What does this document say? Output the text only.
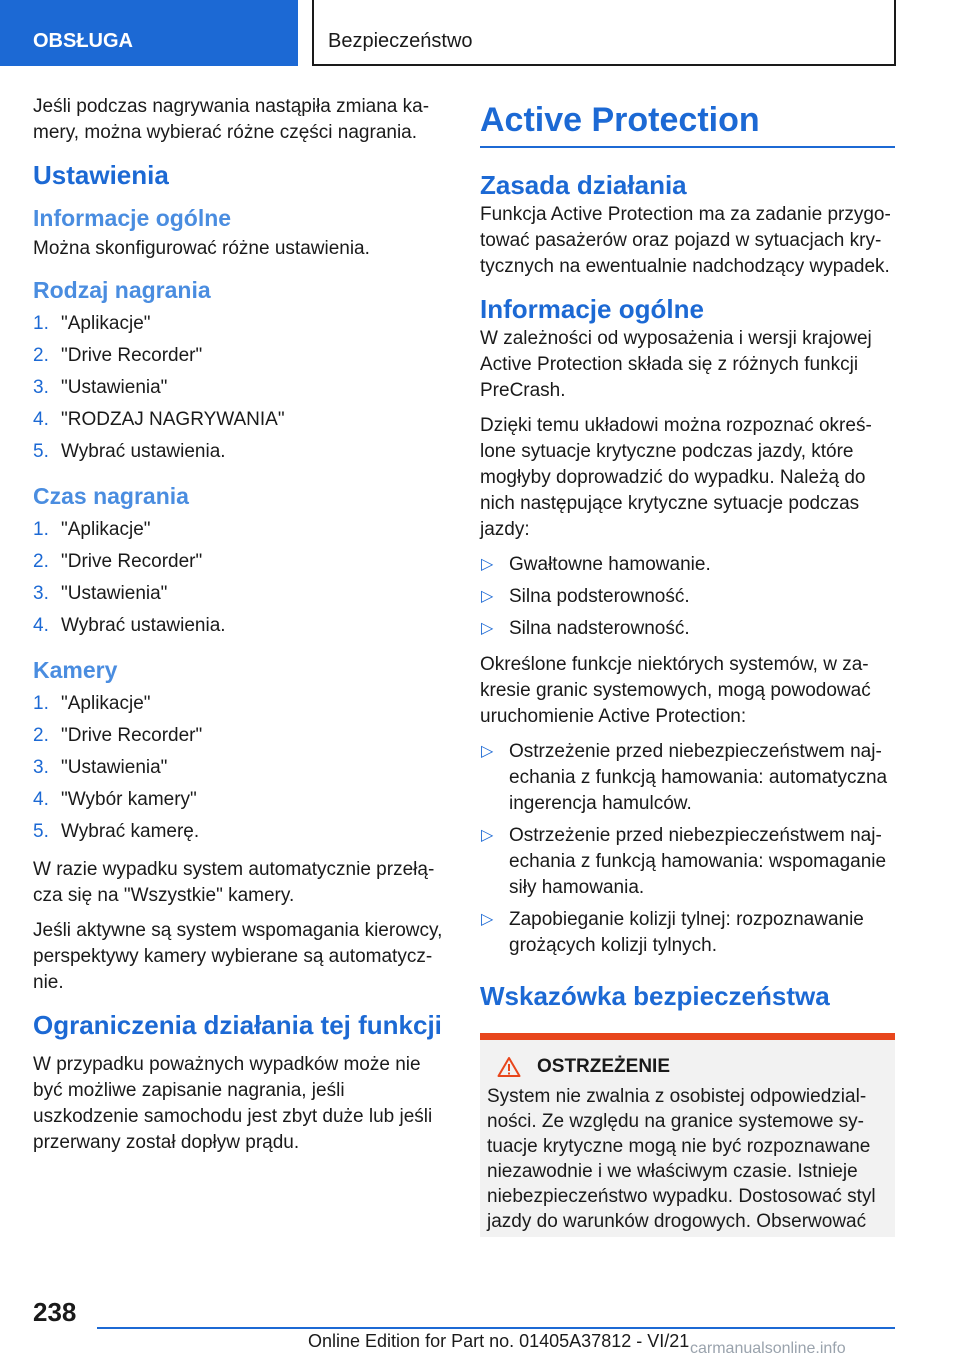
OBSŁUGA	Bezpieczeństwo

Jeśli podczas nagrywania nastąpiła zmiana kamery, można wybierać różne części nagrania.

Ustawienia
Informacje ogólne

Można skonfigurować różne ustawienia.

Rodzaj nagrania
1. "Aplikacje"
2. "Drive Recorder"
3. "Ustawienia"
4. "RODZAJ NAGRYWANIA"
5. Wybrać ustawienia.
Czas nagrania
1. "Aplikacje"
2. "Drive Recorder"
3. "Ustawienia"
4. Wybrać ustawienia.
Kamery
1. "Aplikacje"
2. "Drive Recorder"
3. "Ustawienia"
4. "Wybór kamery"
5. Wybrać kamerę.

W razie wypadku system automatycznie przełącza się na "Wszystkie" kamery.

Jeśli aktywne są system wspomagania kierowcy, perspektywy kamery wybierane są automatycznie.

Ograniczenia działania tej funkcji

W przypadku poważnych wypadków może nie być możliwe zapisanie nagrania, jeśli uszkodzenie samochodu jest zbyt duże lub jeśli przerwany został dopływ prądu.

Active Protection
Zasada działania

Funkcja Active Protection ma za zadanie przygotować pasażerów oraz pojazd w sytuacjach krytycznych na ewentualnie nadchodzący wypadek.

Informacje ogólne

W zależności od wyposażenia i wersji krajowej Active Protection składa się z różnych funkcji PreCrash.

Dzięki temu układowi można rozpoznać określone sytuacje krytyczne podczas jazdy, które mogłyby doprowadzić do wypadku. Należą do nich następujące krytyczne sytuacje podczas jazdy:

▷ Gwałtowne hamowanie.
▷ Silna podsterowność.
▷ Silna nadsterowność.

Określone funkcje niektórych systemów, w zakresie granic systemowych, mogą powodować uruchomienie Active Protection:

▷ Ostrzeżenie przed niebezpieczeństwem najechania z funkcją hamowania: automatyczna ingerencja hamulców.
▷ Ostrzeżenie przed niebezpieczeństwem najechania z funkcją hamowania: wspomaganie siły hamowania.
▷ Zapobieganie kolizji tylnej: rozpoznawanie grożących kolizji tylnych.
Wskazówka bezpieczeństwa
OSTRZEŻENIE

System nie zwalnia z osobistej odpowiedzialności. Ze względu na granice systemowe sytuacje krytyczne mogą nie być rozpoznawane niezawodnie i we właściwym czasie. Istnieje niebezpieczeństwo wypadku. Dostosować styl jazdy do warunków drogowych. Obserwować

238
Online Edition for Part no. 01405A37812 - VI/21 carmanualsonline.info
